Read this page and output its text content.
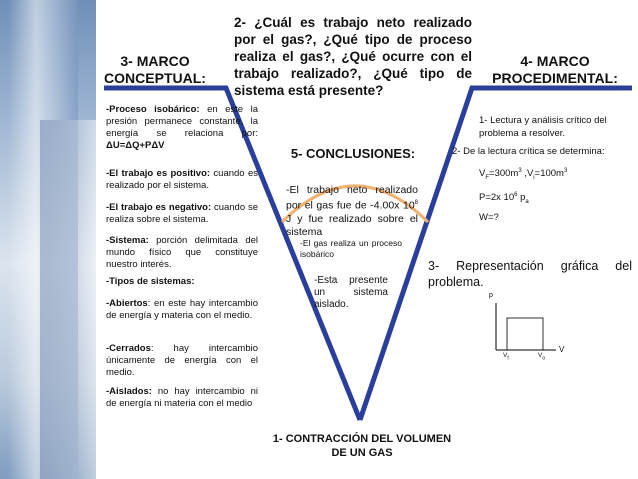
3- MARCO
CONCEPTUAL:
2- ¿Cuál es trabajo neto realizado por el gas?, ¿Qué tipo de proceso realiza el gas?, ¿Qué ocurre con el trabajo realizado?, ¿Qué tipo de sistema está presente?
4- MARCO
PROCEDIMENTAL:
-Proceso isobárico: en este la presión permanece constante, la energía se relaciona por: ΔU=ΔQ+PΔV
-El trabajo es positivo: cuando es realizado por el sistema.
-El trabajo es negativo: cuando se realiza sobre el sistema.
-Sistema: porción delimitada del mundo físico que constituye nuestro interés.
-Tipos de sistemas:
-Abiertos: en este hay intercambio de energía y materia con el medio.
-Cerrados: hay intercambio únicamente de energía con el medio.
-Aislados: no hay intercambio ni de energía ni materia con el medio
5- CONCLUSIONES:
-El trabajo neto realizado por el gas fue de -4.00x $10^8$ J y fue realizado sobre el sistema
-El gas realiza un proceso isobárico
-Esta presente un sistema aislado.
1- Lectura y análisis crítico del problema a resolver.
2- De la lectura crítica se determina:
$V_F=300m^3$ $,V_i=100m^3$
P=2x $10^6$ $p_a$
W=?
3- Representación gráfica del problema.
p
V
$V_f$	$V_o$
1- CONTRACCIÓN DEL VOLUMEN
DE UN GAS
